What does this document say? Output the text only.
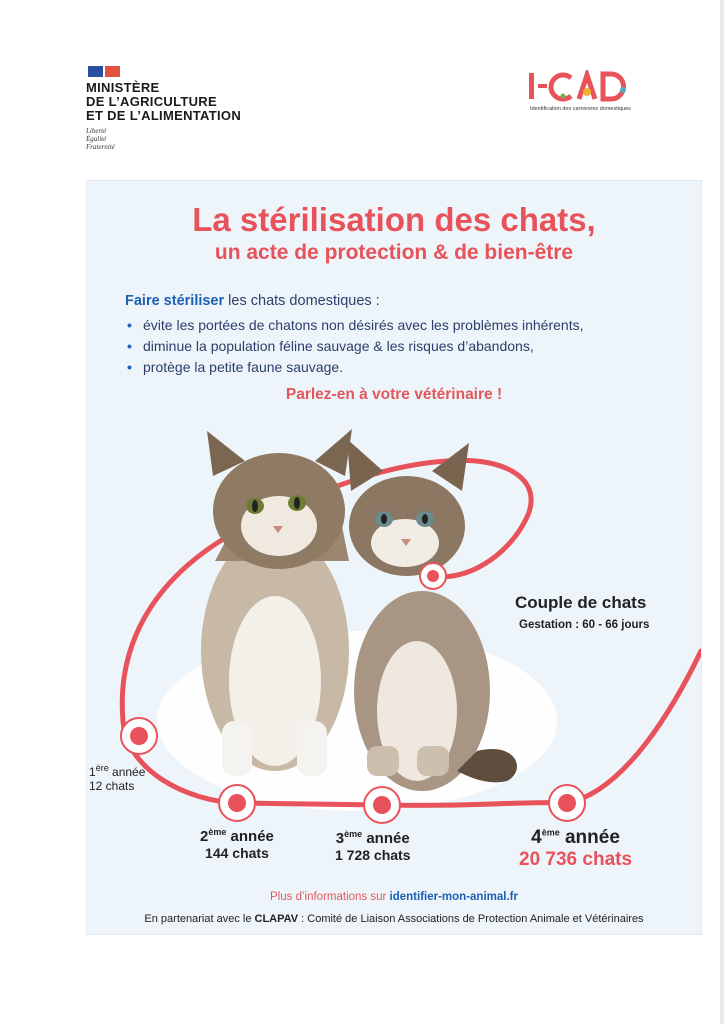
MINISTÈRE
DE L’AGRICULTURE
ET DE L’ALIMENTATION
Liberté
Égalité
Fraternité
Identification des carnivores domestiques
La stérilisation des chats,
un acte de protection & de bien-être
Faire stériliser les chats domestiques :
• évite les portées de chatons non désirés avec les problèmes inhérents,
• diminue la population féline sauvage & les risques d’abandons,
• protège la petite faune sauvage.
Parlez-en à votre vétérinaire !
Couple de chats
Gestation : 60 - 66 jours
1ère année
12 chats
2ème année
144 chats
3ème année
1 728 chats
4ème année
20 736 chats
Plus d’informations sur identifier-mon-animal.fr
En partenariat avec le CLAPAV : Comité de Liaison Associations de Protection Animale et Vétérinaires
